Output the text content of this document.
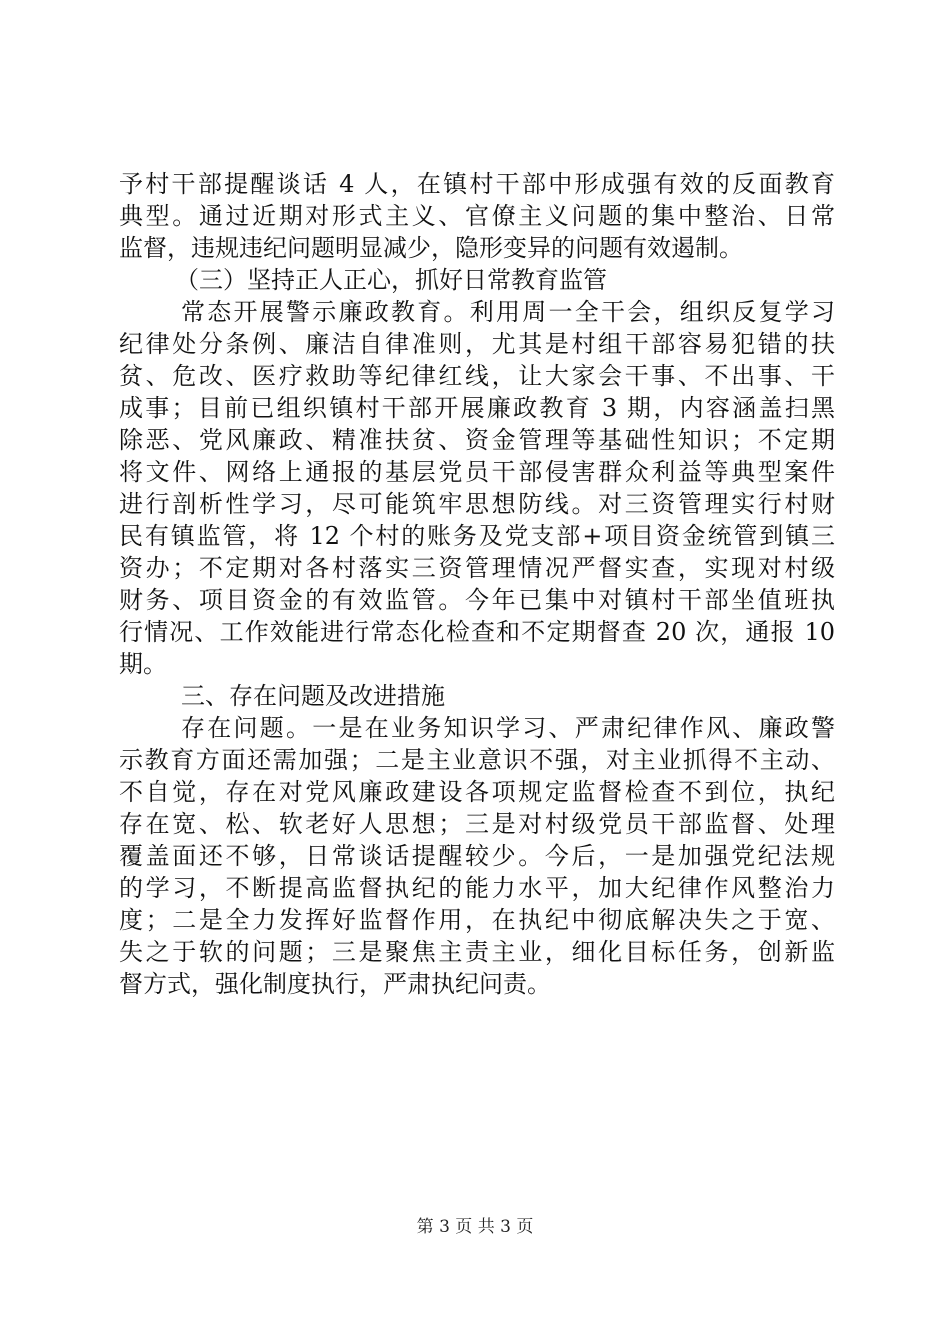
予村干部提醒谈话 4 人，在镇村干部中形成强有效的反面教育
典型。通过近期对形式主义、官僚主义问题的集中整治、日常
监督，违规违纪问题明显减少，隐形变异的问题有效遏制。
（三）坚持正人正心，抓好日常教育监管
常态开展警示廉政教育。利用周一全干会，组织反复学习
纪律处分条例、廉洁自律准则，尤其是村组干部容易犯错的扶
贫、危改、医疗救助等纪律红线，让大家会干事、不出事、干
成事；目前已组织镇村干部开展廉政教育 3 期，内容涵盖扫黑
除恶、党风廉政、精准扶贫、资金管理等基础性知识；不定期
将文件、网络上通报的基层党员干部侵害群众利益等典型案件
进行剖析性学习，尽可能筑牢思想防线。对三资管理实行村财
民有镇监管，将 12 个村的账务及党支部+项目资金统管到镇三
资办；不定期对各村落实三资管理情况严督实查，实现对村级
财务、项目资金的有效监管。今年已集中对镇村干部坐值班执
行情况、工作效能进行常态化检查和不定期督查 20 次，通报 10
期。
三、存在问题及改进措施
存在问题。一是在业务知识学习、严肃纪律作风、廉政警
示教育方面还需加强；二是主业意识不强，对主业抓得不主动、
不自觉，存在对党风廉政建设各项规定监督检查不到位，执纪
存在宽、松、软老好人思想；三是对村级党员干部监督、处理
覆盖面还不够，日常谈话提醒较少。今后，一是加强党纪法规
的学习，不断提高监督执纪的能力水平，加大纪律作风整治力
度；二是全力发挥好监督作用，在执纪中彻底解决失之于宽、
失之于软的问题；三是聚焦主责主业，细化目标任务，创新监
督方式，强化制度执行，严肃执纪问责。
第 3 页 共 3 页
